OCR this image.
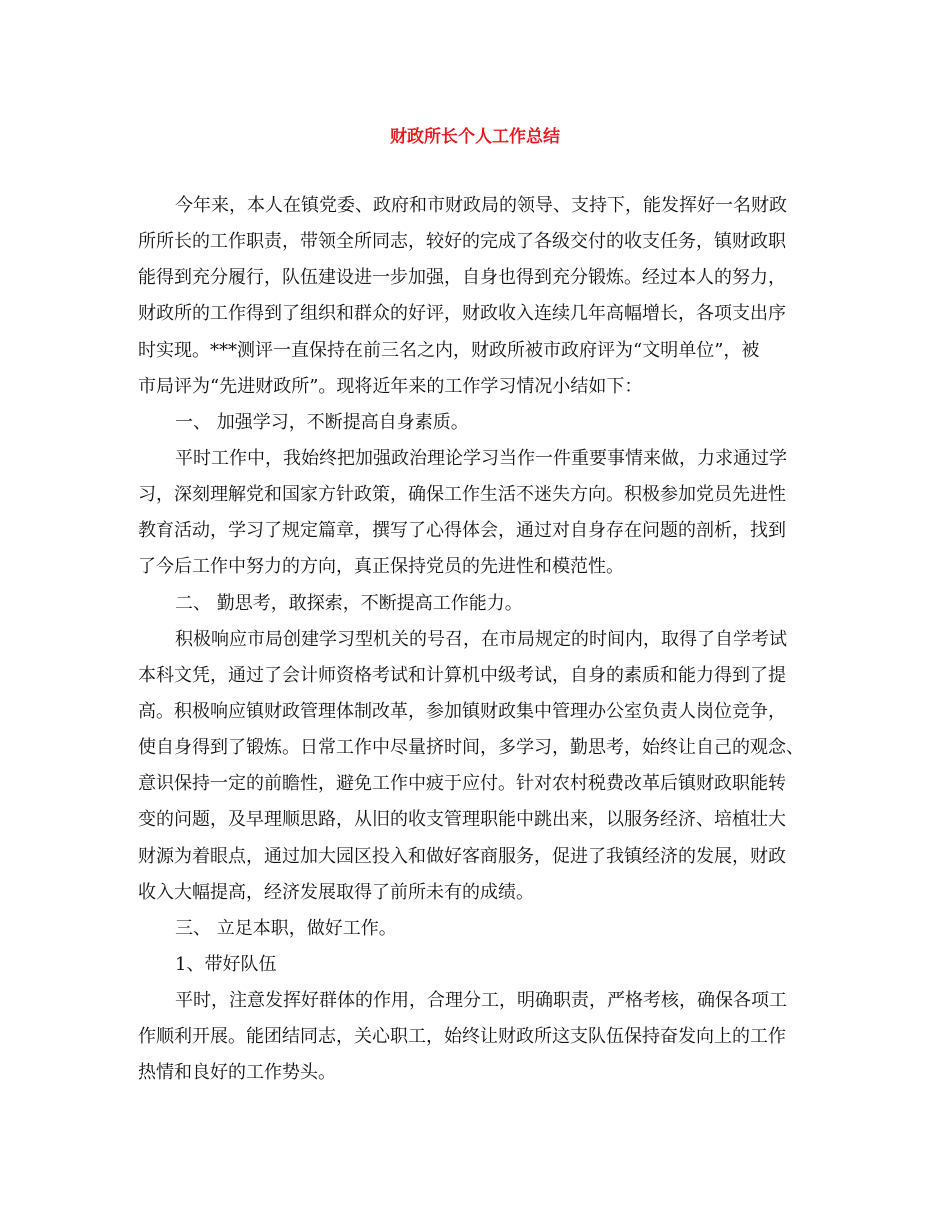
财政所长个人工作总结
今年来，本人在镇党委、政府和市财政局的领导、支持下，能发挥好一名财政
所所长的工作职责，带领全所同志，较好的完成了各级交付的收支任务，镇财政职
能得到充分履行，队伍建设进一步加强，自身也得到充分锻炼。经过本人的努力，
财政所的工作得到了组织和群众的好评，财政收入连续几年高幅增长，各项支出序
时实现。***测评一直保持在前三名之内，财政所被市政府评为“文明单位”，被
市局评为“先进财政所”。现将近年来的工作学习情况小结如下：
一、 加强学习，不断提高自身素质。
平时工作中，我始终把加强政治理论学习当作一件重要事情来做，力求通过学
习，深刻理解党和国家方针政策，确保工作生活不迷失方向。积极参加党员先进性
教育活动，学习了规定篇章，撰写了心得体会，通过对自身存在问题的剖析，找到
了今后工作中努力的方向，真正保持党员的先进性和模范性。
二、 勤思考，敢探索，不断提高工作能力。
积极响应市局创建学习型机关的号召，在市局规定的时间内，取得了自学考试
本科文凭，通过了会计师资格考试和计算机中级考试，自身的素质和能力得到了提
高。积极响应镇财政管理体制改革，参加镇财政集中管理办公室负责人岗位竞争，
使自身得到了锻炼。日常工作中尽量挤时间，多学习，勤思考，始终让自己的观念、
意识保持一定的前瞻性，避免工作中疲于应付。针对农村税费改革后镇财政职能转
变的问题，及早理顺思路，从旧的收支管理职能中跳出来，以服务经济、培植壮大
财源为着眼点，通过加大园区投入和做好客商服务，促进了我镇经济的发展，财政
收入大幅提高，经济发展取得了前所未有的成绩。
三、 立足本职，做好工作。
1、带好队伍
平时，注意发挥好群体的作用，合理分工，明确职责，严格考核，确保各项工
作顺利开展。能团结同志，关心职工，始终让财政所这支队伍保持奋发向上的工作
热情和良好的工作势头。
